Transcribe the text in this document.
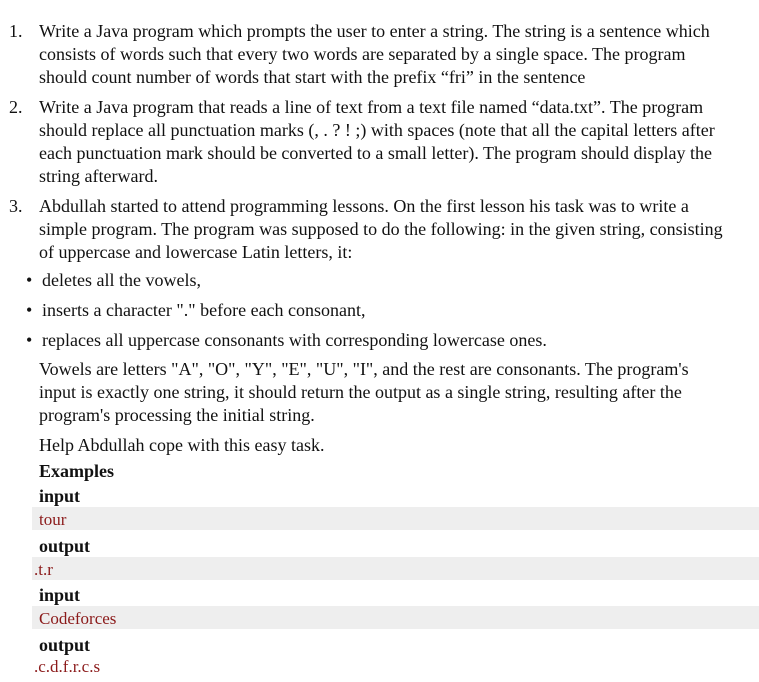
1. Write a Java program which prompts the user to enter a string. The string is a sentence which
consists of words such that every two words are separated by a single space. The program
should count number of words that start with the prefix “fri” in the sentence
2. Write a Java program that reads a line of text from a text file named “data.txt”. The program
should replace all punctuation marks (, . ? ! ;) with spaces (note that all the capital letters after
each punctuation mark should be converted to a small letter). The program should display the
string afterward.
3. Abdullah started to attend programming lessons. On the first lesson his task was to write a
simple program. The program was supposed to do the following: in the given string, consisting
of uppercase and lowercase Latin letters, it:
• deletes all the vowels,
• inserts a character "." before each consonant,
• replaces all uppercase consonants with corresponding lowercase ones.
Vowels are letters "A", "O", "Y", "E", "U", "I", and the rest are consonants. The program's
input is exactly one string, it should return the output as a single string, resulting after the
program's processing the initial string.
Help Abdullah cope with this easy task.
Examples
input
tour
output
.t.r
input
Codeforces
output
.c.d.f.r.c.s
